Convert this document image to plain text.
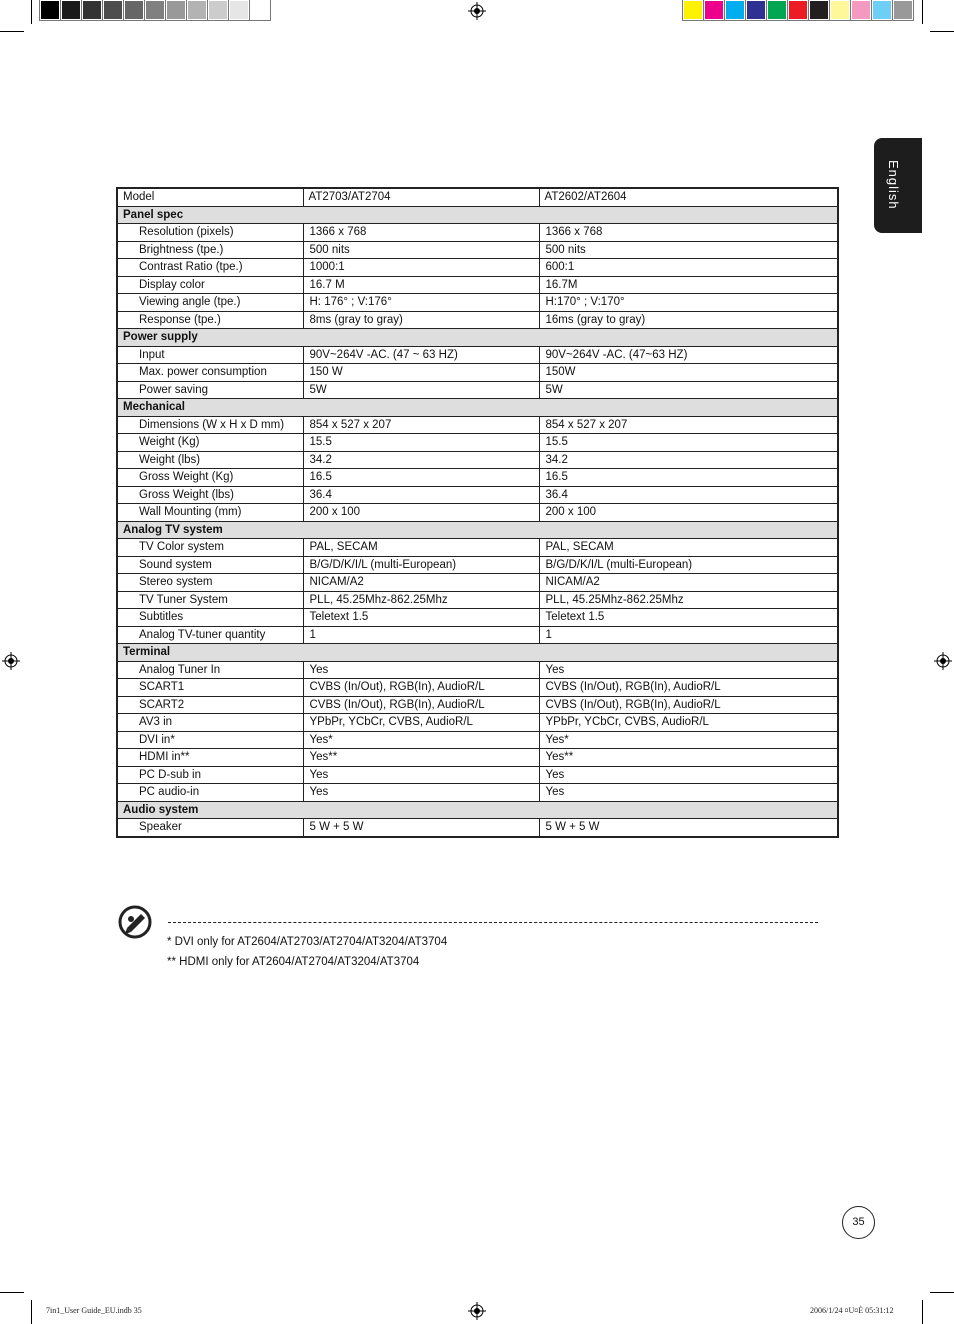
English
Model	AT2703/AT2704	AT2602/AT2604
Panel spec		
Resolution (pixels)	1366 x 768	1366 x 768
Brightness (tpe.)	500 nits	500 nits
Contrast Ratio (tpe.)	1000:1	600:1
Display color	16.7 M	16.7M
Viewing angle (tpe.)	H: 176° ; V:176°	H:170° ; V:170°
Response (tpe.)	8ms (gray to gray)	16ms (gray to gray)
Power supply		
Input	90V~264V -AC. (47 ~ 63 HZ)	90V~264V -AC. (47~63 HZ)
Max. power consumption	150 W	150W
Power saving	5W	5W
Mechanical		
Dimensions (W x H x D mm)	854 x 527 x 207	854 x 527 x 207
Weight (Kg)	15.5	15.5
Weight (lbs)	34.2	34.2
Gross Weight (Kg)	16.5	16.5
Gross Weight (lbs)	36.4	36.4
Wall Mounting (mm)	200 x 100	200 x 100
Analog TV system		
TV Color system	PAL, SECAM	PAL, SECAM
Sound system	B/G/D/K/I/L (multi-European)	B/G/D/K/I/L (multi-European)
Stereo system	NICAM/A2	NICAM/A2
TV Tuner System	PLL, 45.25Mhz-862.25Mhz	PLL, 45.25Mhz-862.25Mhz
Subtitles	Teletext 1.5	Teletext 1.5
Analog TV-tuner quantity	1	1
Terminal		
Analog Tuner In	Yes	Yes
SCART1	CVBS (In/Out), RGB(In), AudioR/L	CVBS (In/Out), RGB(In), AudioR/L
SCART2	CVBS (In/Out), RGB(In), AudioR/L	CVBS (In/Out), RGB(In), AudioR/L
AV3 in	YPbPr, YCbCr, CVBS, AudioR/L	YPbPr, YCbCr, CVBS, AudioR/L
DVI in*	Yes*	Yes*
HDMI in**	Yes**	Yes**
PC D-sub in	Yes	Yes
PC audio-in	Yes	Yes
Audio system		
Speaker	5 W + 5 W	5 W + 5 W
* DVI only for AT2604/AT2703/AT2704/AT3204/AT3704
** HDMI only for AT2604/AT2704/AT3204/AT3704
35
7in1_User Guide_EU.indb 35	2006/1/24 ¤U¤È 05:31:12
